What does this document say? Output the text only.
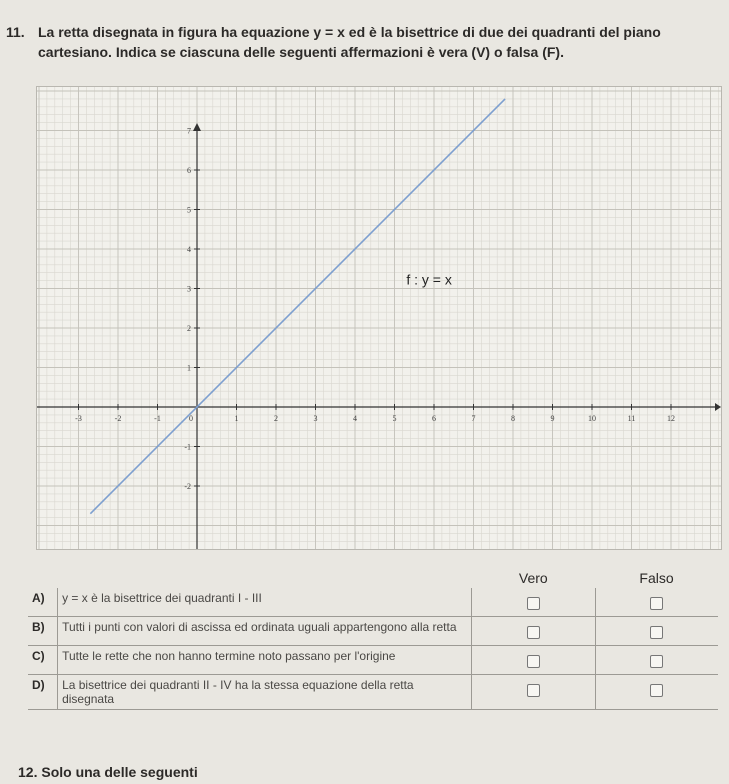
11. La retta disegnata in figura ha equazione y = x ed è la bisettrice di due dei quadranti del piano cartesiano. Indica se ciascuna delle seguenti affermazioni è vera (V) o falsa (F).
-3	-2	-1	0	1	2	3	4	5	6	7	8	9	10	11	12
7
6
5
4
3
2
1
-1
-2
f : y = x
		Vero	Falso
A)	y = x è la bisettrice dei quadranti I - III		
B)	Tutti i punti con valori di ascissa ed ordinata uguali appartengono alla retta		
C)	Tutte le rette che non hanno termine noto passano per l'origine		
D)	La bisettrice dei quadranti II - IV ha la stessa equazione della retta disegnata		
12. Solo una delle seguenti
